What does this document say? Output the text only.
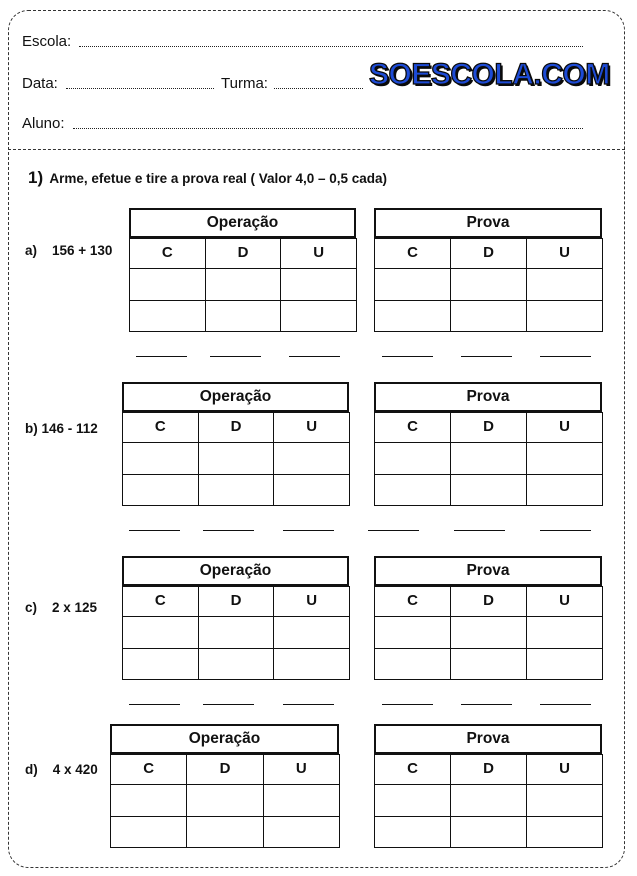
Escola:
Data:	Turma:	SOESCOLA.COM
Aluno:
1) Arme, efetue e tire a prova real ( Valor 4,0 – 0,5 cada)
a)    156 + 130
b) 146 - 112
c)    2 x 125
d)    4 x 420
Operação
C	D	U
Prova
C	D	U
Operação
C	D	U
Prova
C	D	U
Operação
C	D	U
Prova
C	D	U
Operação
C	D	U
Prova
C	D	U
